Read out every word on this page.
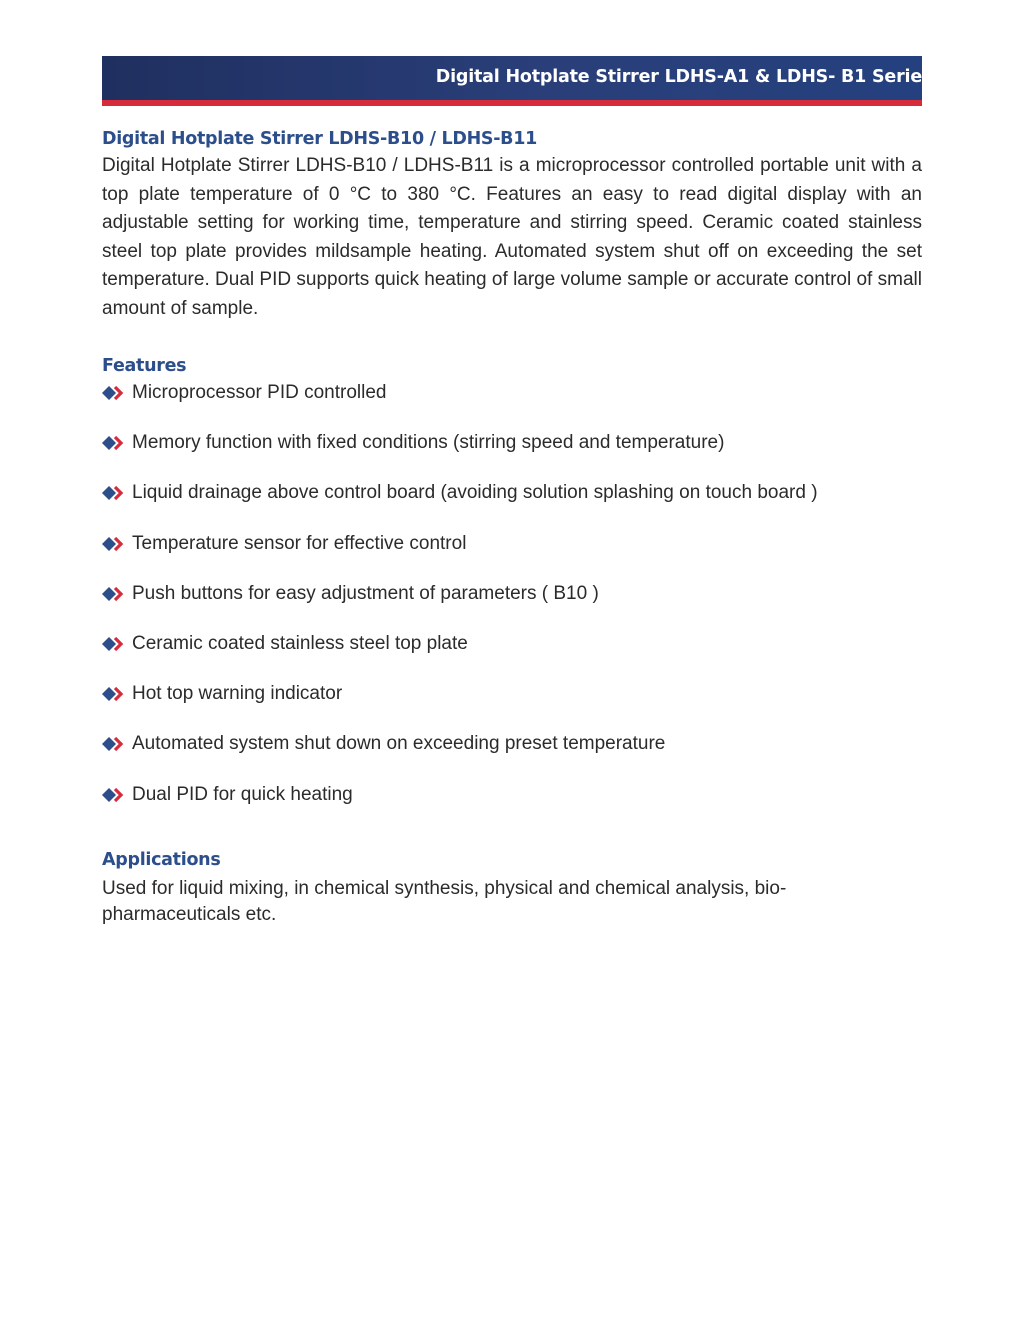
Digital Hotplate Stirrer LDHS-A1 & LDHS- B1 Serie
Digital Hotplate Stirrer LDHS-B10 / LDHS-B11

Digital Hotplate Stirrer LDHS-B10 / LDHS-B11 is a microprocessor controlled portable unit with a top plate temperature of 0 °C to 380 °C. Features an easy to read digital display with an adjustable setting for working time, temperature and stirring speed. Ceramic coated stainless steel top plate provides mildsample heating. Automated system shut off on exceeding the set temperature. Dual PID supports quick heating of large volume sample or accurate control of small amount of sample.

Features
Microprocessor PID controlled
Memory function with fixed conditions (stirring speed and temperature)
Liquid drainage above control board (avoiding solution splashing on touch board )
Temperature sensor for effective control
Push buttons for easy adjustment of parameters ( B10 )
Ceramic coated stainless steel top plate
Hot top warning indicator
Automated system shut down on exceeding preset temperature
Dual PID for quick heating
Applications

Used for liquid mixing, in chemical synthesis, physical and chemical analysis, bio-pharmaceuticals etc.
